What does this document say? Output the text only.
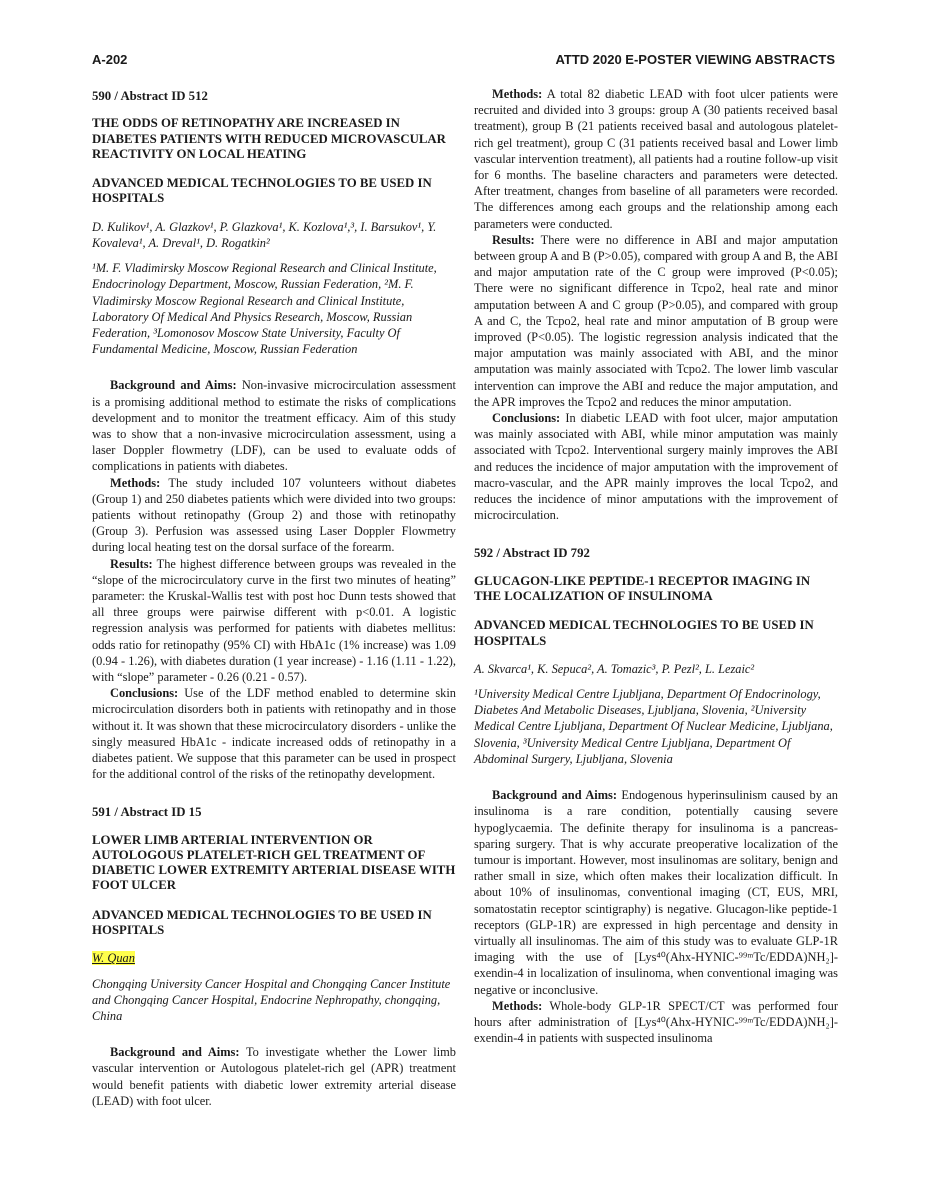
A-202	ATTD 2020 E-POSTER VIEWING ABSTRACTS
590 / Abstract ID 512
THE ODDS OF RETINOPATHY ARE INCREASED IN DIABETES PATIENTS WITH REDUCED MICROVASCULAR REACTIVITY ON LOCAL HEATING
ADVANCED MEDICAL TECHNOLOGIES TO BE USED IN HOSPITALS
D. Kulikov¹, A. Glazkov¹, P. Glazkova¹, K. Kozlova¹,³, I. Barsukov¹, Y. Kovaleva¹, A. Dreval¹, D. Rogatkin²
¹M. F. Vladimirsky Moscow Regional Research and Clinical Institute, Endocrinology Department, Moscow, Russian Federation, ²M. F. Vladimirsky Moscow Regional Research and Clinical Institute, Laboratory Of Medical And Physics Research, Moscow, Russian Federation, ³Lomonosov Moscow State University, Faculty Of Fundamental Medicine, Moscow, Russian Federation

Background and Aims: Non-invasive microcirculation assessment is a promising additional method to estimate the risks of complications development and to monitor the treatment efficacy. Aim of this study was to show that a non-invasive microcirculation assessment, using a laser Doppler flowmetry (LDF), can be used to evaluate odds of complications in patients with diabetes.

Methods: The study included 107 volunteers without diabetes (Group 1) and 250 diabetes patients which were divided into two groups: patients without retinopathy (Group 2) and those with retinopathy (Group 3). Perfusion was assessed using Laser Doppler Flowmetry during local heating test on the dorsal surface of the forearm.

Results: The highest difference between groups was revealed in the “slope of the microcirculatory curve in the first two minutes of heating” parameter: the Kruskal-Wallis test with post hoc Dunn tests showed that all three groups were pairwise different with p<0.01. A logistic regression analysis was performed for patients with diabetes mellitus: odds ratio for retinopathy (95% CI) with HbA1c (1% increase) was 1.09 (0.94 - 1.26), with diabetes duration (1 year increase) - 1.16 (1.11 - 1.22), with “slope” parameter - 0.26 (0.21 - 0.57).

Conclusions: Use of the LDF method enabled to determine skin microcirculation disorders both in patients with retinopathy and in those without it. It was shown that these microcirculatory disorders - unlike the singly measured HbA1c - indicate increased odds of retinopathy in a diabetes patient. We suppose that this parameter can be used in prospect for the additional control of the risks of the retinopathy development.

591 / Abstract ID 15
LOWER LIMB ARTERIAL INTERVENTION OR AUTOLOGOUS PLATELET-RICH GEL TREATMENT OF DIABETIC LOWER EXTREMITY ARTERIAL DISEASE WITH FOOT ULCER
ADVANCED MEDICAL TECHNOLOGIES TO BE USED IN HOSPITALS
W. Quan
Chongqing University Cancer Hospital and Chongqing Cancer Institute and Chongqing Cancer Hospital, Endocrine Nephropathy, chongqing, China

Background and Aims: To investigate whether the Lower limb vascular intervention or Autologous platelet-rich gel (APR) treatment would benefit patients with diabetic lower extremity arterial disease (LEAD) with foot ulcer.

Methods: A total 82 diabetic LEAD with foot ulcer patients were recruited and divided into 3 groups: group A (30 patients received basal treatment), group B (21 patients received basal and autologous platelet-rich gel treatment), group C (31 patients received basal and Lower limb vascular intervention treatment), all patients had a routine follow-up visit for 6 months. The baseline characters and parameters were detected. After treatment, changes from baseline of all parameters were recorded. The differences among each groups and the relationship among each parameters were conducted.

Results: There were no difference in ABI and major amputation between group A and B (P>0.05), compared with group A and B, the ABI and major amputation rate of the C group were improved (P<0.05); There were no significant difference in Tcpo2, heal rate and minor amputation between A and C group (P>0.05), and compared with group A and C, the Tcpo2, heal rate and minor amputation of B group were improved (P<0.05). The logistic regression analysis indicated that the major amputation was mainly associated with ABI, and the minor amputation was mainly associated with Tcpo2. The lower limb vascular intervention can improve the ABI and reduce the major amputation, and the APR improves the Tcpo2 and reduces the minor amputation.

Conclusions: In diabetic LEAD with foot ulcer, major amputation was mainly associated with ABI, while minor amputation was mainly associated with Tcpo2. Interventional surgery mainly improves the ABI and reduces the incidence of major amputation with the improvement of macro-vascular, and the APR mainly improves the local Tcpo2, and reduces the incidence of minor amputations with the improvement of microcirculation.

592 / Abstract ID 792
GLUCAGON-LIKE PEPTIDE-1 RECEPTOR IMAGING IN THE LOCALIZATION OF INSULINOMA
ADVANCED MEDICAL TECHNOLOGIES TO BE USED IN HOSPITALS
A. Skvarca¹, K. Sepuca², A. Tomazic³, P. Pezl², L. Lezaic²
¹University Medical Centre Ljubljana, Department Of Endocrinology, Diabetes And Metabolic Diseases, Ljubljana, Slovenia, ²University Medical Centre Ljubljana, Department Of Nuclear Medicine, Ljubljana, Slovenia, ³University Medical Centre Ljubljana, Department Of Abdominal Surgery, Ljubljana, Slovenia

Background and Aims: Endogenous hyperinsulinism caused by an insulinoma is a rare condition, potentially causing severe hypoglycaemia. The definite therapy for insulinoma is a pancreas-sparing surgery. That is why accurate preoperative localization of the tumour is important. However, most insulinomas are solitary, benign and rather small in size, which often makes their localization difficult. In about 10% of insulinomas, conventional imaging (CT, EUS, MRI, somatostatin receptor scintigraphy) is negative. Glucagon-like peptide-1 receptors (GLP-1R) are expressed in high percentage and density in virtually all insulinomas. The aim of this study was to evaluate GLP-1R imaging with the use of [Lys⁴⁰(Ahx-HYNIC-⁹⁹ᵐTc/EDDA)NH₂]-exendin-4 in localization of insulinoma, when conventional imaging was negative or inconclusive.

Methods: Whole-body GLP-1R SPECT/CT was performed four hours after administration of [Lys⁴⁰(Ahx-HYNIC-⁹⁹ᵐTc/EDDA)NH₂]-exendin-4 in patients with suspected insulinoma
